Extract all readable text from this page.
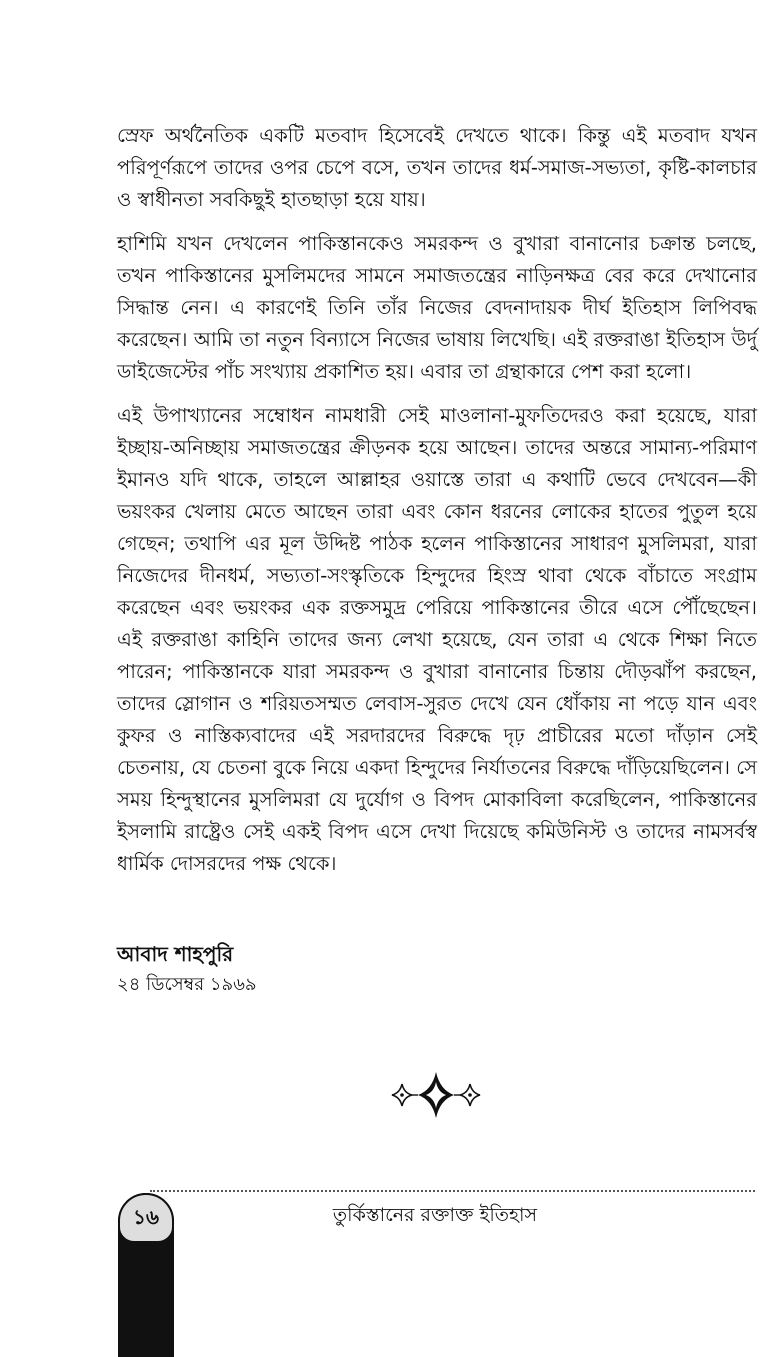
স্রেফ অর্থনৈতিক একটি মতবাদ হিসেবেই দেখতে থাকে। কিন্তু এই মতবাদ যখন পরিপূর্ণরূপে তাদের ওপর চেপে বসে, তখন তাদের ধর্ম-সমাজ-সভ্যতা, কৃষ্টি-কালচার ও স্বাধীনতা সবকিছুই হাতছাড়া হয়ে যায়।

হাশিমি যখন দেখলেন পাকিস্তানকেও সমরকন্দ ও বুখারা বানানোর চক্রান্ত চলছে, তখন পাকিস্তানের মুসলিমদের সামনে সমাজতন্ত্রের নাড়িনক্ষত্র বের করে দেখানোর সিদ্ধান্ত নেন। এ কারণেই তিনি তাঁর নিজের বেদনাদায়ক দীর্ঘ ইতিহাস লিপিবদ্ধ করেছেন। আমি তা নতুন বিন্যাসে নিজের ভাষায় লিখেছি। এই রক্তরাঙা ইতিহাস উর্দু ডাইজেস্টের পাঁচ সংখ্যায় প্রকাশিত হয়। এবার তা গ্রন্থাকারে পেশ করা হলো।

এই উপাখ্যানের সম্বোধন নামধারী সেই মাওলানা-মুফতিদেরও করা হয়েছে, যারা ইচ্ছায়-অনিচ্ছায় সমাজতন্ত্রের ক্রীড়নক হয়ে আছেন। তাদের অন্তরে সামান্য-পরিমাণ ইমানও যদি থাকে, তাহলে আল্লাহর ওয়াস্তে তারা এ কথাটি ভেবে দেখবেন—কী ভয়ংকর খেলায় মেতে আছেন তারা এবং কোন ধরনের লোকের হাতের পুতুল হয়ে গেছেন; তথাপি এর মূল উদ্দিষ্ট পাঠক হলেন পাকিস্তানের সাধারণ মুসলিমরা, যারা নিজেদের দীনধর্ম, সভ্যতা-সংস্কৃতিকে হিন্দুদের হিংস্র থাবা থেকে বাঁচাতে সংগ্রাম করেছেন এবং ভয়ংকর এক রক্তসমুদ্র পেরিয়ে পাকিস্তানের তীরে এসে পৌঁছেছেন। এই রক্তরাঙা কাহিনি তাদের জন্য লেখা হয়েছে, যেন তারা এ থেকে শিক্ষা নিতে পারেন; পাকিস্তানকে যারা সমরকন্দ ও বুখারা বানানোর চিন্তায় দৌড়ঝাঁপ করছেন, তাদের স্লোগান ও শরিয়তসম্মত লেবাস-সুরত দেখে যেন ধোঁকায় না পড়ে যান এবং কুফর ও নাস্তিক্যবাদের এই সরদারদের বিরুদ্ধে দৃঢ় প্রাচীরের মতো দাঁড়ান সেই চেতনায়, যে চেতনা বুকে নিয়ে একদা হিন্দুদের নির্যাতনের বিরুদ্ধে দাঁড়িয়েছিলেন। সে সময় হিন্দুস্থানের মুসলিমরা যে দুর্যোগ ও বিপদ মোকাবিলা করেছিলেন, পাকিস্তানের ইসলামি রাষ্ট্রেও সেই একই বিপদ এসে দেখা দিয়েছে কমিউনিস্ট ও তাদের নামসর্বস্ব ধার্মিক দোসরদের পক্ষ থেকে।

আবাদ শাহপুরি

২৪ ডিসেম্বর ১৯৬৯

১৬	তুর্কিস্তানের রক্তাক্ত ইতিহাস
